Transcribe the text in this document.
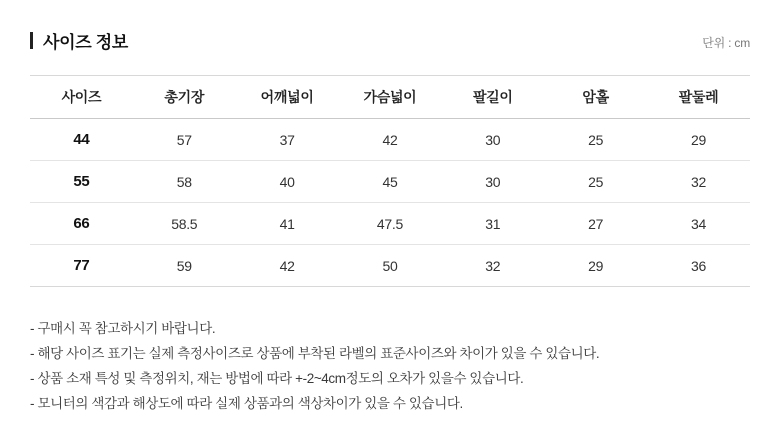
사이즈 정보	단위 : cm
사이즈	총기장	어깨넓이	가슴넓이	팔길이	암홀	팔둘레
44	57	37	42	30	25	29
55	58	40	45	30	25	32
66	58.5	41	47.5	31	27	34
77	59	42	50	32	29	36
- 구매시 꼭 참고하시기 바랍니다.
- 해당 사이즈 표기는 실제 측정사이즈로 상품에 부착된 라벨의 표준사이즈와 차이가 있을 수 있습니다.
- 상품 소재 특성 및 측정위치, 재는 방법에 따라 +-2~4cm정도의 오차가 있을수 있습니다.
- 모니터의 색감과 해상도에 따라 실제 상품과의 색상차이가 있을 수 있습니다.
